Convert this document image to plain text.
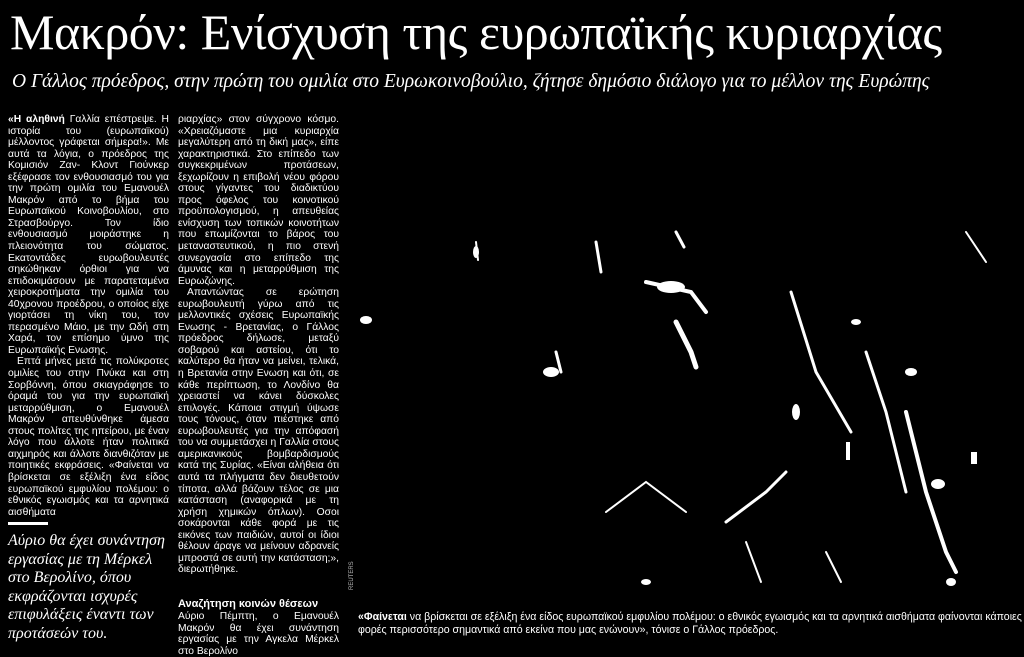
Μακρόν: Ενίσχυση της ευρωπαϊκής κυριαρχίας
Ο Γάλλος πρόεδρος, στην πρώτη του ομιλία στο Ευρωκοινοβούλιο, ζήτησε δημόσιο διάλογο για το μέλλον της Ευρώπης

«Η αληθινή Γαλλία επέστρεψε. Η ιστορία του (ευρωπαϊκού) μέλλοντος γράφεται σήμερα!». Με αυτά τα λόγια, ο πρόεδρος της Κομισιόν Ζαν- Κλοντ Γιούνκερ εξέφρασε τον ενθουσιασμό του για την πρώτη ομιλία του Εμανουέλ Μακρόν από το βήμα του Ευρωπαϊκού Κοινοβουλίου, στο Στρασβούργο. Τον ίδιο ενθουσιασμό μοιράστηκε η πλειονότητα του σώματος. Εκατοντάδες ευρωβουλευτές σηκώθηκαν όρθιοι για να επιδοκιμάσουν με παρατεταμένα χειροκροτήματα την ομιλία του 40χρονου προέδρου, ο οποίος είχε γιορτάσει τη νίκη του, τον περασμένο Μάιο, με την Ωδή στη Χαρά, τον επίσημο ύμνο της Ευρωπαϊκής Ενωσης.

Επτά μήνες μετά τις πολύκροτες ομιλίες του στην Πνύκα και στη Σορβόννη, όπου σκιαγράφησε το όραμά του για την ευρωπαϊκή μεταρρύθμιση, ο Εμανουέλ Μακρόν απευθύνθηκε άμεσα στους πολίτες της ηπείρου, με έναν λόγο που άλλοτε ήταν πολιτικά αιχμηρός και άλλοτε διανθιζόταν με ποιητικές εκφράσεις. «Φαίνεται να βρίσκεται σε εξέλιξη ένα είδος ευρωπαϊκού εμφυλίου πολέμου: ο εθνικός εγωισμός και τα αρνητικά αισθήματα

Αύριο θα έχει συνάντηση εργασίας με τη Μέρκελ στο Βερολίνο, όπου εκφράζονται ισχυρές επιφυλάξεις έναντι των προτάσεών του.

ριαρχίας» στον σύγχρονο κόσμο. «Χρειαζόμαστε μια κυριαρχία μεγαλύτερη από τη δική μας», είπε χαρακτηριστικά. Στο επίπεδο των συγκεκριμένων προτάσεων, ξεχωρίζουν η επιβολή νέου φόρου στους γίγαντες του διαδικτύου προς όφελος του κοινοτικού προϋπολογισμού, η απευθείας ενίσχυση των τοπικών κοινοτήτων που επωμίζονται το βάρος του μεταναστευτικού, η πιο στενή συνεργασία στο επίπεδο της άμυνας και η μεταρρύθμιση της Ευρωζώνης.

Απαντώντας σε ερώτηση ευρωβουλευτή γύρω από τις μελλοντικές σχέσεις Ευρωπαϊκής Ενωσης - Βρετανίας, ο Γάλλος πρόεδρος δήλωσε, μεταξύ σοβαρού και αστείου, ότι το καλύτερο θα ήταν να μείνει, τελικά, η Βρετανία στην Ενωση και ότι, σε κάθε περίπτωση, το Λονδίνο θα χρειαστεί να κάνει δύσκολες επιλογές. Κάποια στιγμή ύψωσε τους τόνους, όταν πιέστηκε από ευρωβουλευτές για την απόφασή του να συμμετάσχει η Γαλλία στους αμερικανικούς βομβαρδισμούς κατά της Συρίας. «Είναι αλήθεια ότι αυτά τα πλήγματα δεν διευθετούν τίποτα, αλλά βάζουν τέλος σε μια κατάσταση (αναφορικά με τη χρήση χημικών όπλων). Οσοι σοκάρονται κάθε φορά με τις εικόνες των παιδιών, αυτοί οι ίδιοι θέλουν άραγε να μείνουν αδρανείς μπροστά σε αυτή την κατάσταση;», διερωτήθηκε.

Αναζήτηση κοινών θέσεων
Αύριο Πέμπτη, ο Εμανουέλ Μακρόν θα έχει συνάντηση εργασίας με την Αγκελα Μέρκελ στο Βερολίνο
REUTERS
«Φαίνεται να βρίσκεται σε εξέλιξη ένα είδος ευρωπαϊκού εμφυλίου πολέμου: ο εθνικός εγωισμός και τα αρνητικά αισθήματα φαίνονται κάποιες φορές περισσότερο σημαντικά από εκείνα που μας ενώνουν», τόνισε ο Γάλλος πρόεδρος.
